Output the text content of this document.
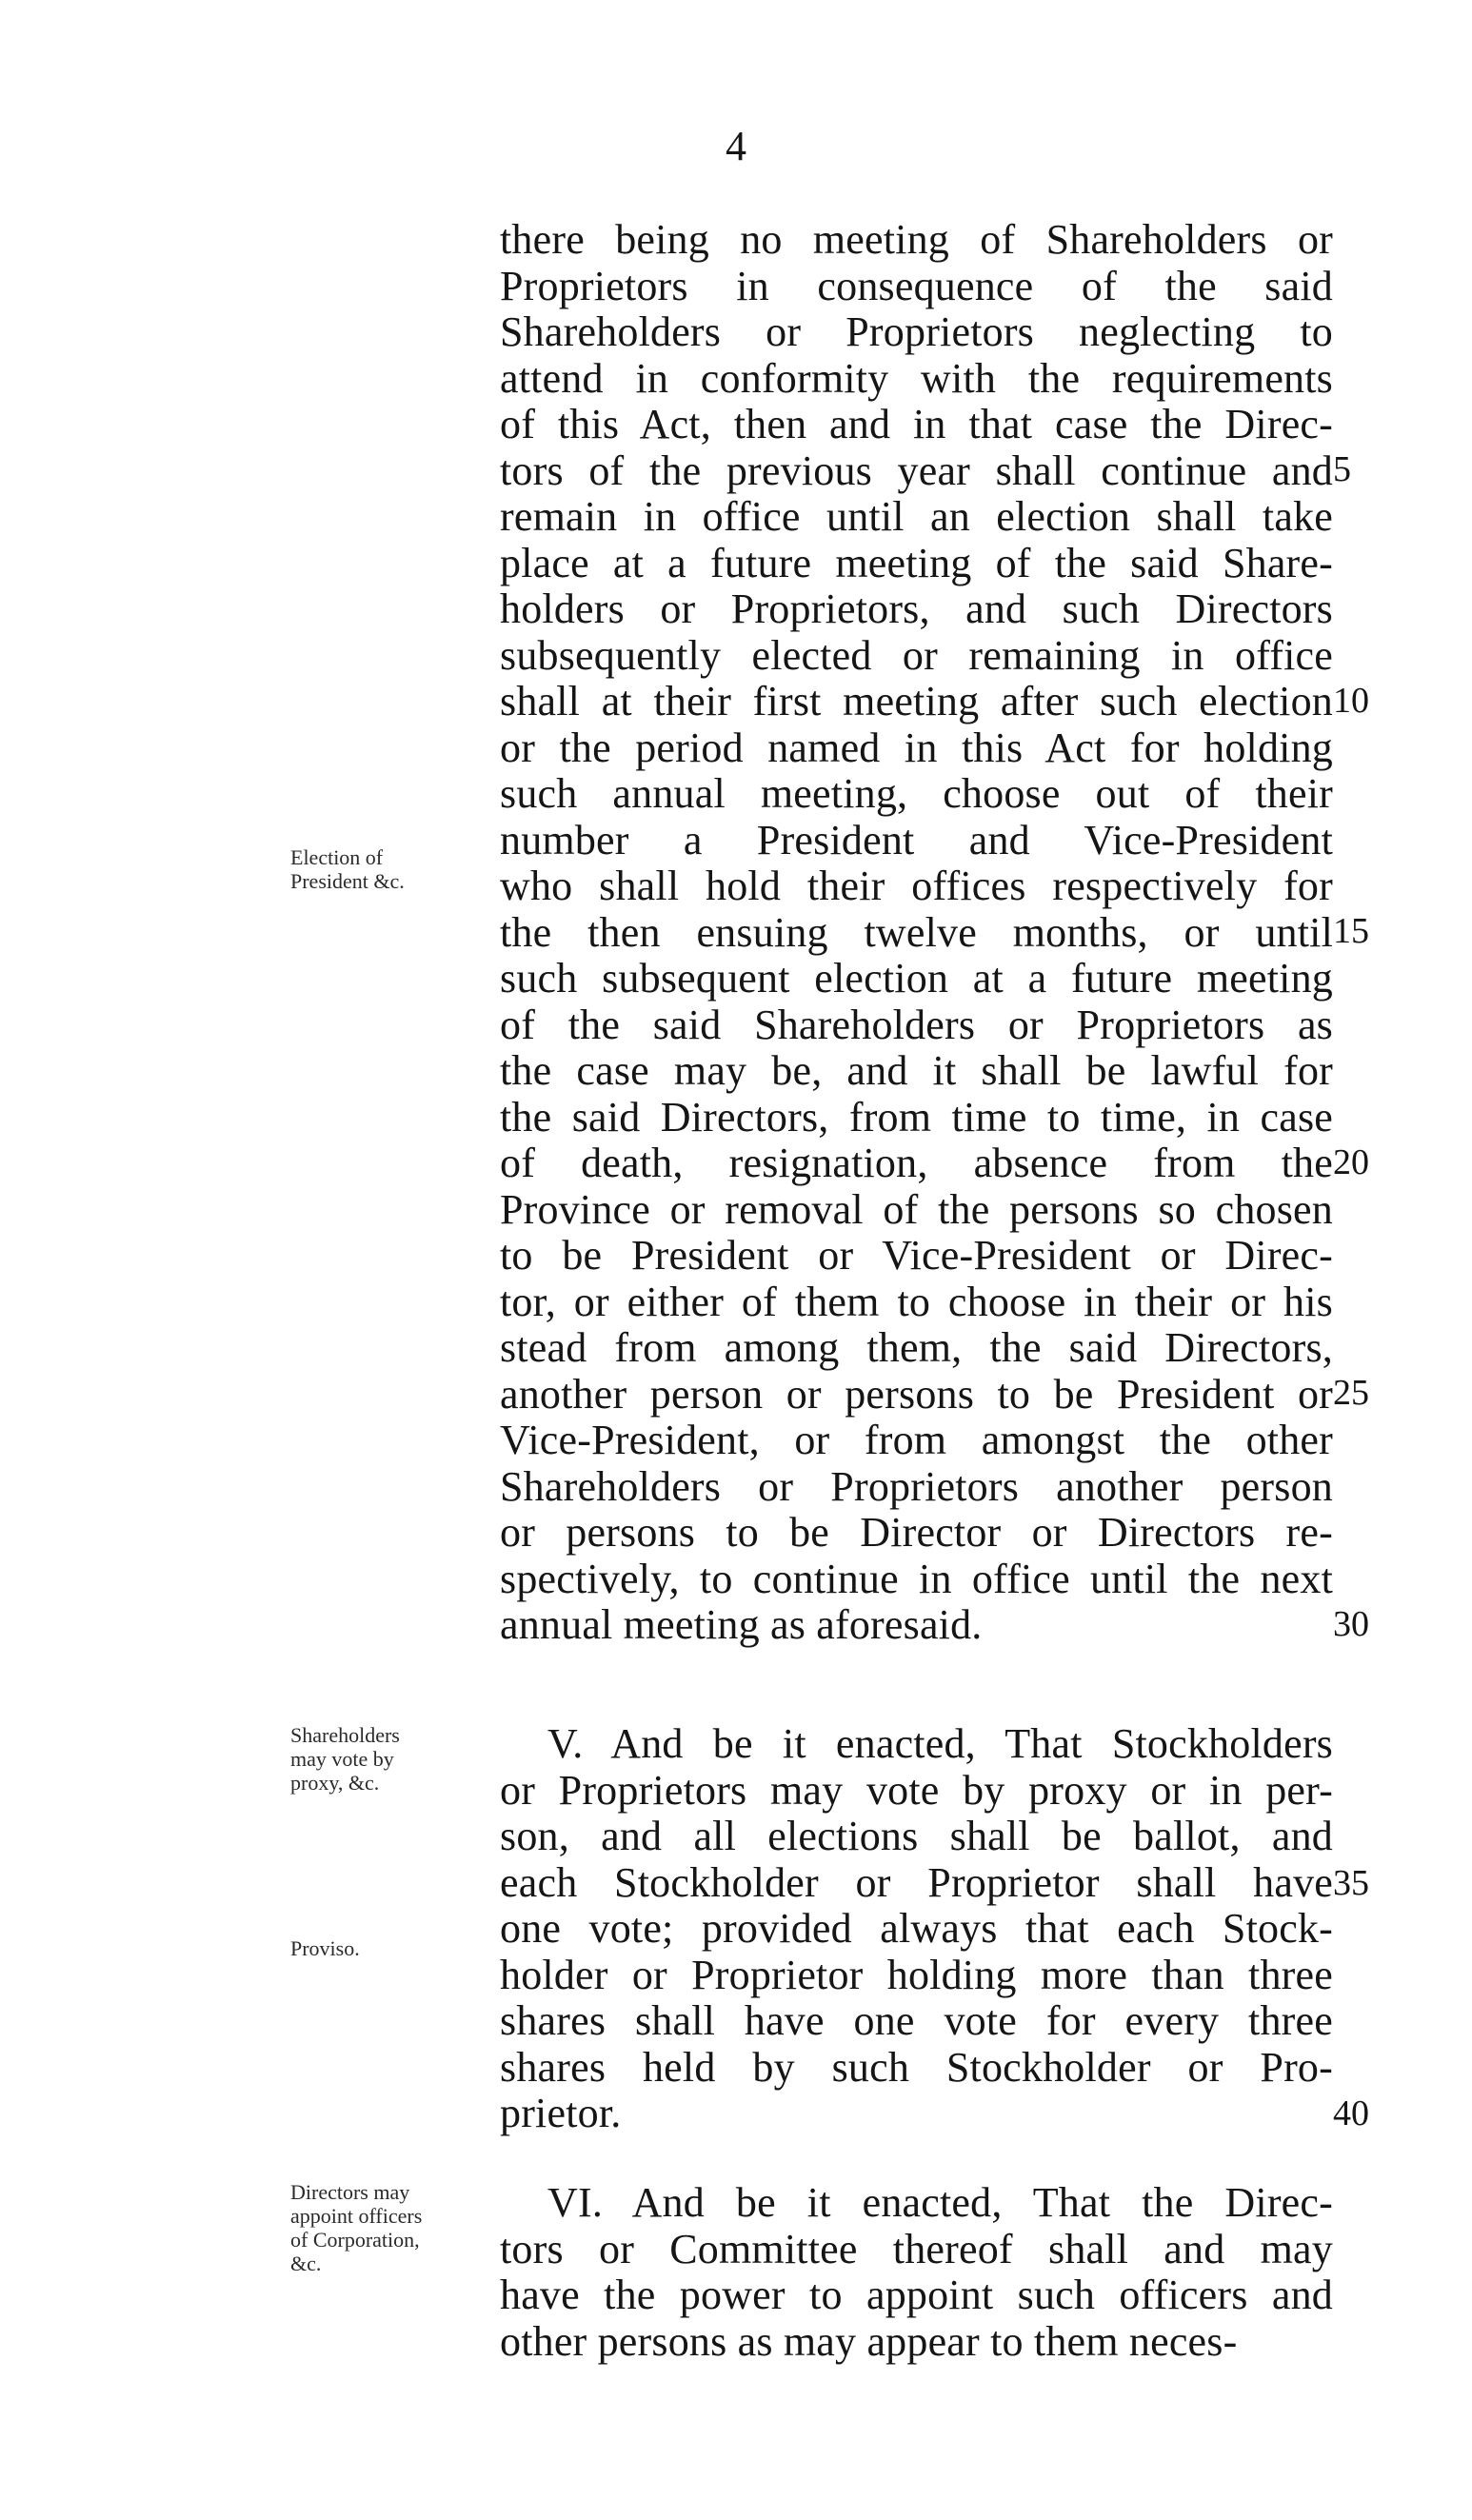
4
Election of
President &c.
Shareholders
may vote by
proxy, &c.
Proviso.
Directors may
appoint officers
of Corporation,
&c.
there being no meeting of Shareholders or
Proprietors in consequence of the said
Shareholders or Proprietors neglecting to
attend in conformity with the requirements
of this Act, then and in that case the Direc-
tors of the previous year shall continue and
remain in office until an election shall take
place at a future meeting of the said Share-
holders or Proprietors, and such Directors
subsequently elected or remaining in office
shall at their first meeting after such election
or the period named in this Act for holding
such annual meeting, choose out of their
number a President and Vice-President
who shall hold their offices respectively for
the then ensuing twelve months, or until
such subsequent election at a future meeting
of the said Shareholders or Proprietors as
the case may be, and it shall be lawful for
the said Directors, from time to time, in case
of death, resignation, absence from the
Province or removal of the persons so chosen
to be President or Vice-President or Direc-
tor, or either of them to choose in their or his
stead from among them, the said Directors,
another person or persons to be President or
Vice-President, or from amongst the other
Shareholders or Proprietors another person
or persons to be Director or Directors re-
spectively, to continue in office until the next
annual meeting as aforesaid.
V. And be it enacted, That Stockholders
or Proprietors may vote by proxy or in per-
son, and all elections shall be ballot, and
each Stockholder or Proprietor shall have
one vote; provided always that each Stock-
holder or Proprietor holding more than three
shares shall have one vote for every three
shares held by such Stockholder or Pro-
prietor.
VI. And be it enacted, That the Direc-
tors or Committee thereof shall and may
have the power to appoint such officers and
other persons as may appear to them neces-
5
10
15
20
25
30
35
40
